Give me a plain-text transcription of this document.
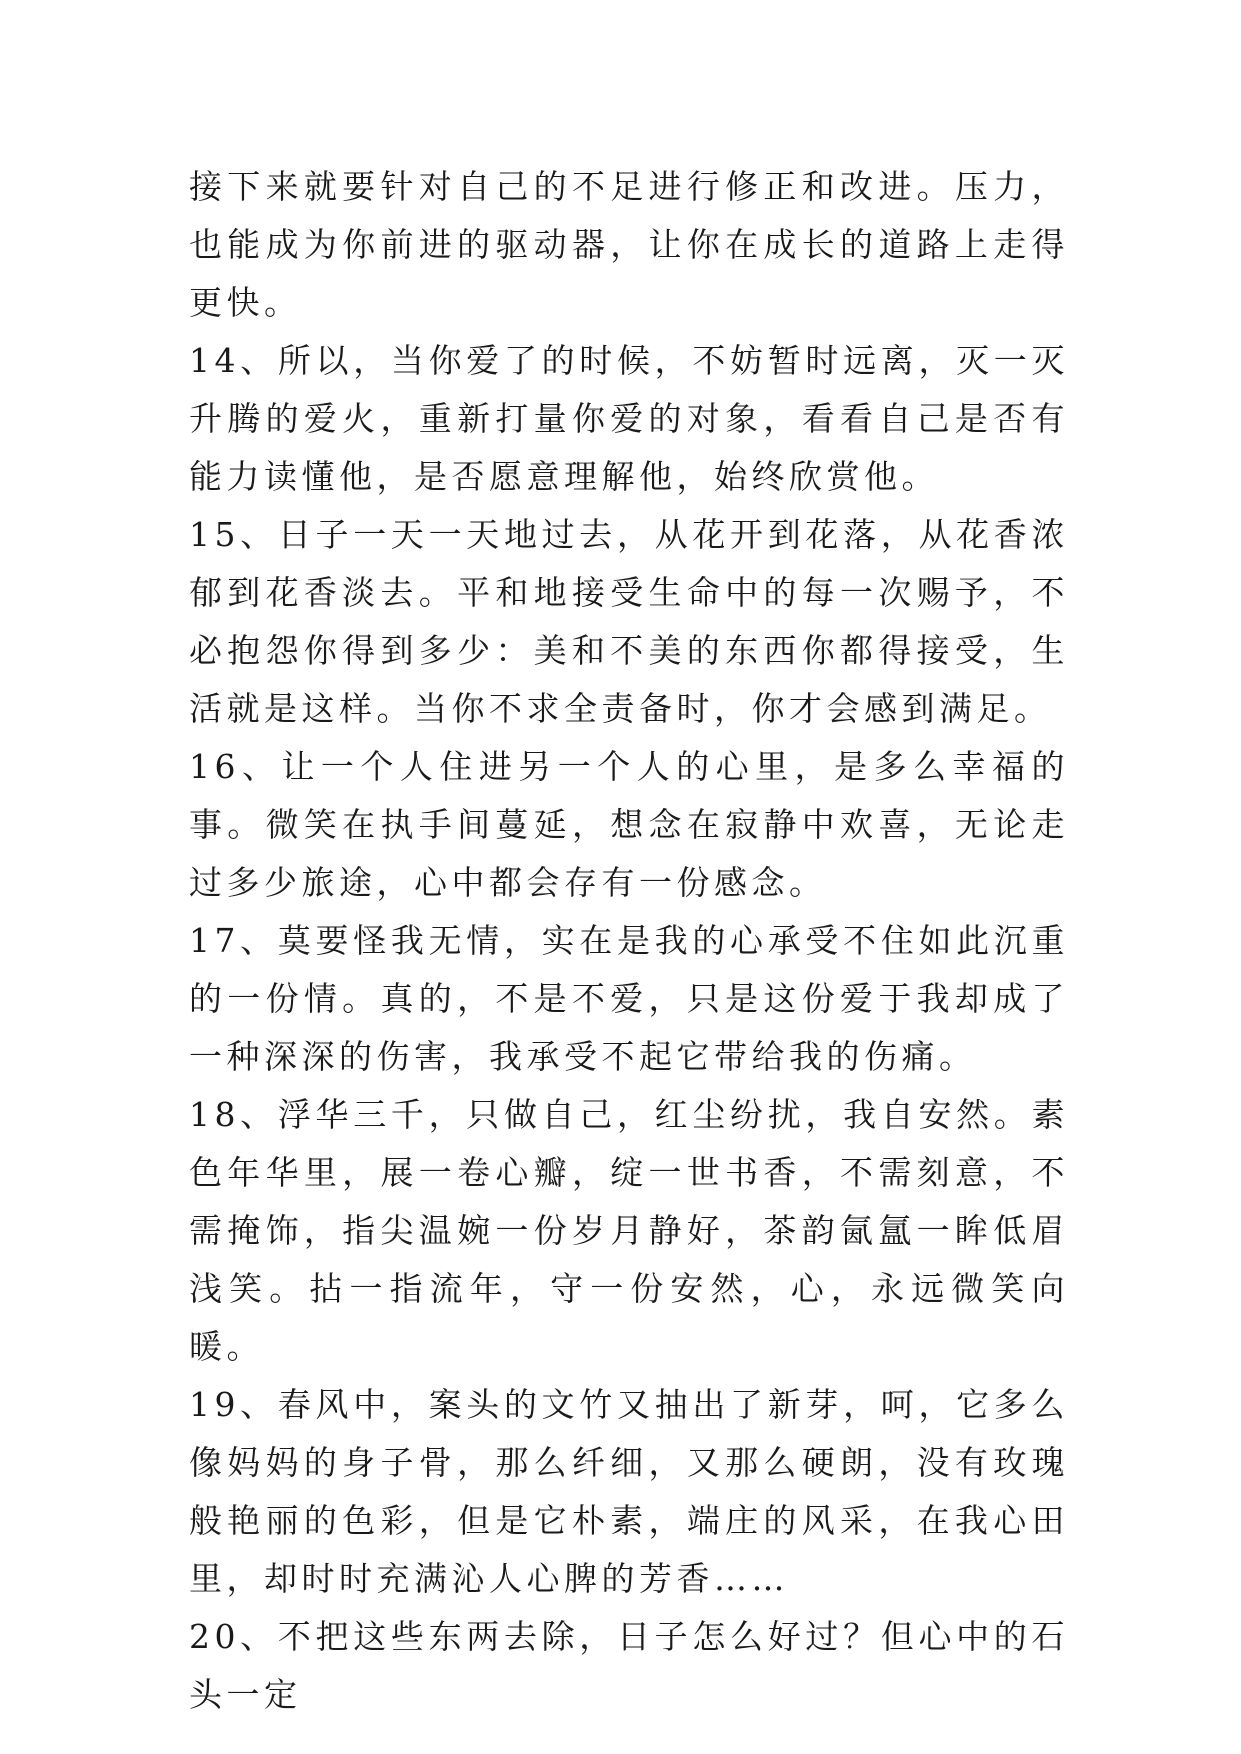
接下来就要针对自己的不足进行修正和改进。压力，也能成为你前进的驱动器，让你在成长的道路上走得更快。

14、所以，当你爱了的时候，不妨暂时远离，灭一灭升腾的爱火，重新打量你爱的对象，看看自己是否有能力读懂他，是否愿意理解他，始终欣赏他。

15、日子一天一天地过去，从花开到花落，从花香浓郁到花香淡去。平和地接受生命中的每一次赐予，不必抱怨你得到多少：美和不美的东西你都得接受，生活就是这样。当你不求全责备时，你才会感到满足。

16、让一个人住进另一个人的心里，是多么幸福的事。微笑在执手间蔓延，想念在寂静中欢喜，无论走过多少旅途，心中都会存有一份感念。

17、莫要怪我无情，实在是我的心承受不住如此沉重的一份情。真的，不是不爱，只是这份爱于我却成了一种深深的伤害，我承受不起它带给我的伤痛。

18、浮华三千，只做自己，红尘纷扰，我自安然。素色年华里，展一卷心瓣，绽一世书香，不需刻意，不需掩饰，指尖温婉一份岁月静好，茶韵氤氲一眸低眉浅笑。拈一指流年，守一份安然，心，永远微笑向暖。

19、春风中，案头的文竹又抽出了新芽，呵，它多么像妈妈的身子骨，那么纤细，又那么硬朗，没有玫瑰般艳丽的色彩，但是它朴素，端庄的风采，在我心田里，却时时充满沁人心脾的芳香……

20、不把这些东两去除，日子怎么好过？但心中的石头一定
